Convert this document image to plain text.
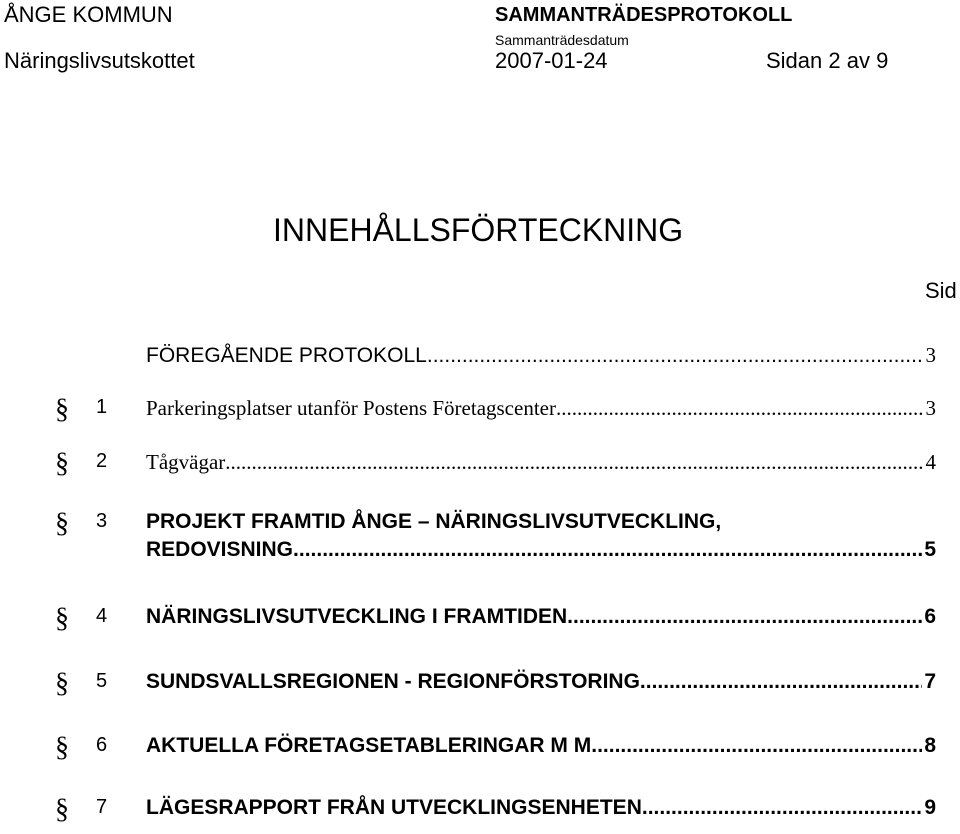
ÅNGE KOMMUN	SAMMANTRÄDESPROTOKOLL
Sammanträdesdatum
Näringslivsutskottet	2007-01-24	Sidan 2 av 9
INNEHÅLLSFÖRTECKNING
Sid
FÖREGÅENDE PROTOKOLL .....	3
§ 1 Parkeringsplatser utanför Postens Företagscenter .....	3
§ 2 Tågvägar .....	4
§ 3 PROJEKT FRAMTID ÅNGE – NÄRINGSLIVSUTVECKLING,
REDOVISNING .....	5
§ 4 NÄRINGSLIVSUTVECKLING I FRAMTIDEN .....	6
§ 5 SUNDSVALLSREGIONEN - REGIONFÖRSTORING .....	7
§ 6 AKTUELLA FÖRETAGSETABLERINGAR M M .....	8
§ 7 LÄGESRAPPORT FRÅN UTVECKLINGSENHETEN .....	9
